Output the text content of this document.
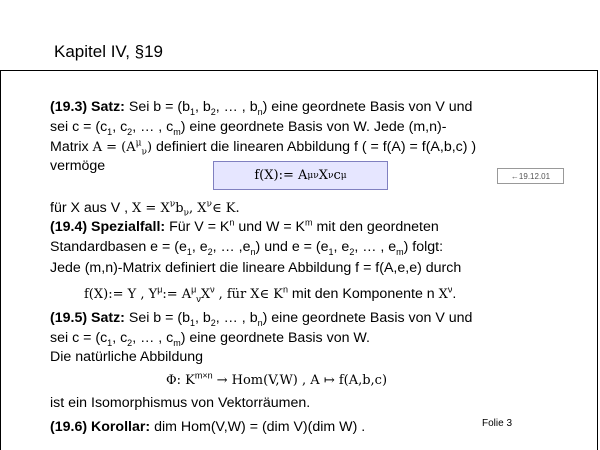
Kapitel IV, §19
(19.3) Satz: Sei $b = (b_1$, $b_2$, … , $b_n$) eine geordnete Basis von V und
sei $c = (c_1$, $c_2$, … , $c_m$) eine geordnete Basis von W. Jede (m,n)-
Matrix $A = (A^\mu_\nu)$ definiert die linearen Abbildung f ( = f(A) = f(A,b,c) )
vermöge
f(X):= A μ ν X ν c μ	←19.12.01
für X aus V , $X = X^\nu b_\nu$, $X^\nu\in$ K.
(19.4) Spezialfall: Für $V = K^n$ und $W = K^m$ mit den geordneten
Standardbasen $e = (e_1$, $e_2$, … $,e_n$) und $e = (e_1$, $e_2$, … , $e_m$) folgt:
Jede (m,n)-Matrix definiert die lineare Abbildung f = f(A,e,e) durch
f(X):= Y , $Y^\mu:= A^\mu_\nu X^\nu$ , für X∈ $K^n$ mit den Komponente n $X^\nu$.
(19.5) Satz: Sei $b = (b_1$, $b_2$, … , $b_n$) eine geordnete Basis von V und
sei $c = (c_1$, $c_2$, … , $c_m$) eine geordnete Basis von W.
Die natürliche Abbildung
Φ: $K^{m\times n} \to Hom(V,W)$ , A ↦ f(A,b,c)
ist ein Isomorphismus von Vektorräumen.
(19.6) Korollar: dim Hom(V,W) = (dim V)(dim W) .	Folie 3
